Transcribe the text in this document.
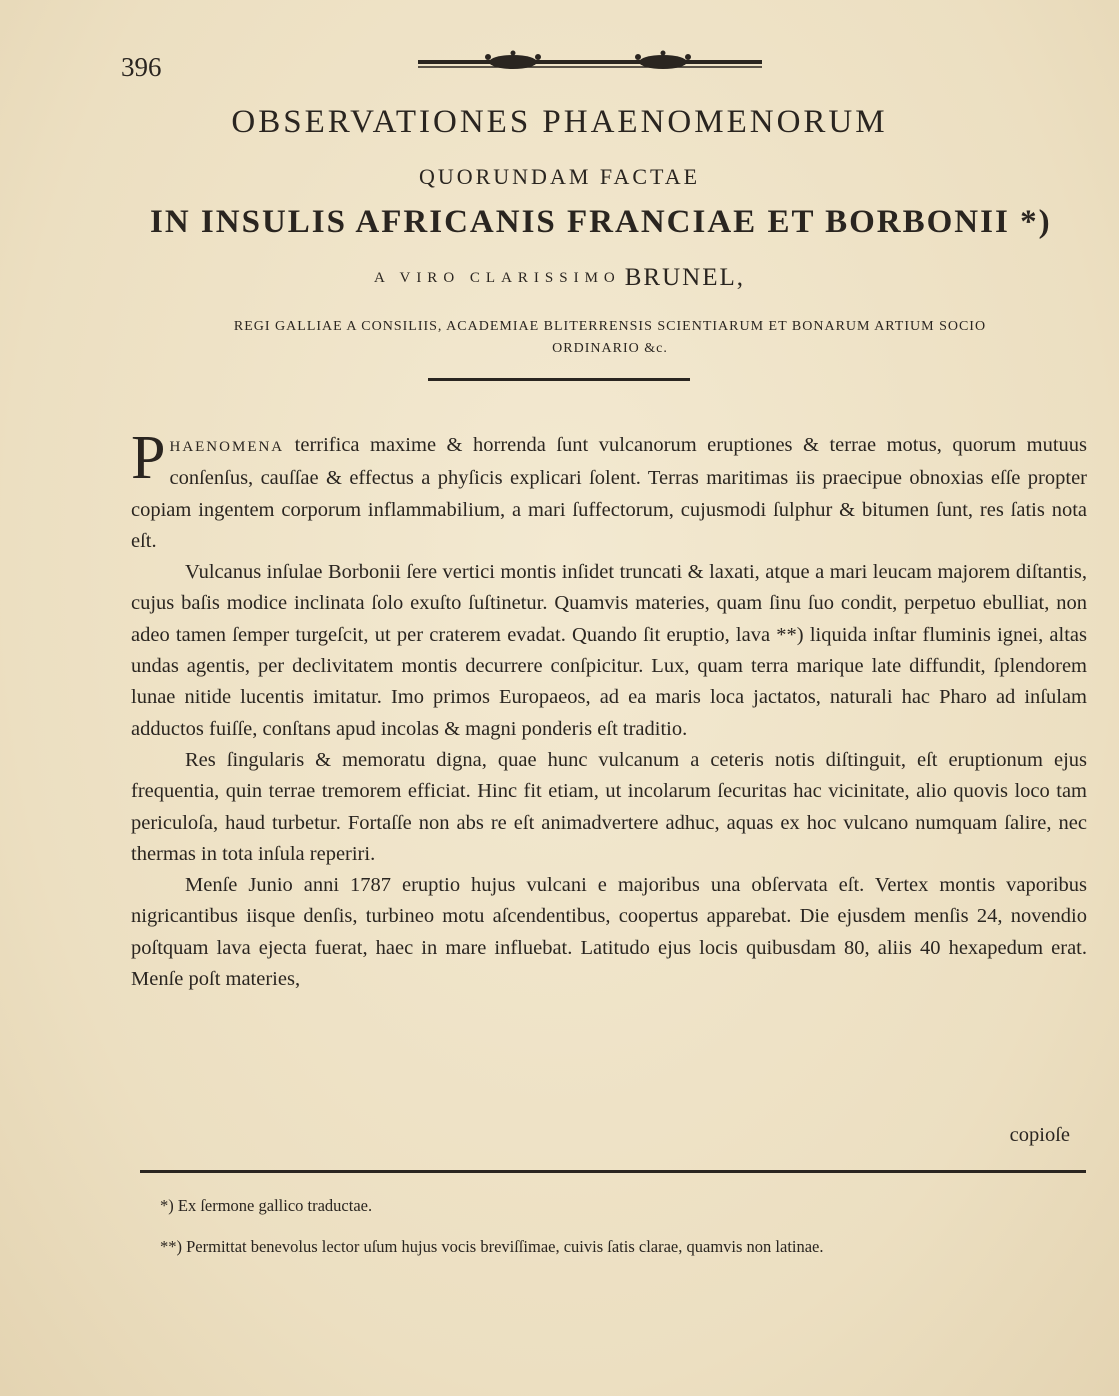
396
OBSERVATIONES PHAENOMENORUM
QUORUNDAM FACTAE
IN INSULIS AFRICANIS FRANCIAE ET BORBONII *)
A VIRO CLARISSIMO BRUNEL,
REGI GALLIAE A CONSILIIS, ACADEMIAE BLITERRENSIS SCIENTIARUM ET BONARUM ARTIUM SOCIO ORDINARIO &c.

PHAENOMENA terrifica maxime & horrenda ſunt vulcanorum eruptiones & terrae motus, quorum mutuus conſenſus, cauſſae & effectus a phyſicis explicari ſolent. Terras maritimas iis praecipue obnoxias eſſe propter copiam ingentem corporum inflammabilium, a mari ſuffectorum, cujusmodi ſulphur & bitumen ſunt, res ſatis nota eſt.

Vulcanus inſulae Borbonii ſere vertici montis inſidet truncati & laxati, atque a mari leucam majorem diſtantis, cujus baſis modice inclinata ſolo exuſto ſuſtinetur. Quamvis materies, quam ſinu ſuo condit, perpetuo ebulliat, non adeo tamen ſemper turgeſcit, ut per craterem evadat. Quando ſit eruptio, lava **) liquida inſtar fluminis ignei, altas undas agentis, per declivitatem montis decurrere conſpicitur. Lux, quam terra marique late diffundit, ſplendorem lunae nitide lucentis imitatur. Imo primos Europaeos, ad ea maris loca jactatos, naturali hac Pharo ad inſulam adductos fuiſſe, conſtans apud incolas & magni ponderis eſt traditio.

Res ſingularis & memoratu digna, quae hunc vulcanum a ceteris notis diſtinguit, eſt eruptionum ejus frequentia, quin terrae tremorem efficiat. Hinc fit etiam, ut incolarum ſecuritas hac vicinitate, alio quovis loco tam periculoſa, haud turbetur. Fortaſſe non abs re eſt animadvertere adhuc, aquas ex hoc vulcano numquam ſalire, nec thermas in tota inſula reperiri.

Menſe Junio anni 1787 eruptio hujus vulcani e majoribus una obſervata eſt. Vertex montis vaporibus nigricantibus iisque denſis, turbineo motu aſcendentibus, coopertus apparebat. Die ejusdem menſis 24, novendio poſtquam lava ejecta fuerat, haec in mare influebat. Latitudo ejus locis quibusdam 80, aliis 40 hexapedum erat. Menſe poſt materies,

copioſe
*) Ex ſermone gallico traductae.
**) Permittat benevolus lector uſum hujus vocis breviſſimae, cuivis ſatis clarae, quamvis non latinae.
